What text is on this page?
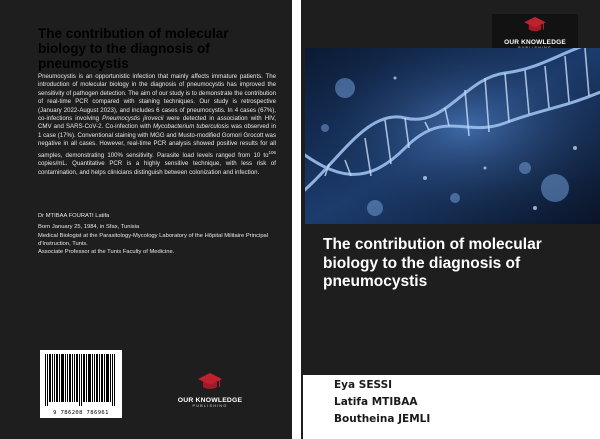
The contribution of molecular biology to the diagnosis of pneumocystis
Pneumocystis is an opportunistic infection that mainly affects immature patients. The introduction of molecular biology in the diagnosis of pneumocystis has improved the sensitivity of pathogen detection. The aim of our study is to demonstrate the contribution of real-time PCR compared with staining techniques. Our study is retrospective (January 2022-August 2023), and includes 6 cases of pneumocystis. In 4 cases (67%), co-infections involving Pneumocystis jirovecii were detected in association with HIV, CMV and SARS-CoV-2. Co-infection with Mycobacterium tuberculosis was observed in 1 case (17%). Conventional staining with MGG and Musto-modified Gomori Grocott was negative in all cases. However, real-time PCR analysis showed positive results for all samples, demonstrating 100% sensitivity. Parasite load levels ranged from 10 $to^{106}$ copies/mL. Quantitative PCR is a highly sensitive technique, with less risk of contamination, and helps clinicians distinguish between colonization and infection.
Dr MTIBAA FOURATI Latifa
Born January 25, 1984, in Sfax, Tunisia
Medical Biologist at the Parasitology-Mycology Laboratory of the Hôpital Militaire Principal d'Instruction, Tunis.
Associate Professor at the Tunis Faculty of Medicine.
9 786208 786961
OUR KNOWLEDGE
PUBLISHING
OUR KNOWLEDGE
The contribution of molecular biology to the diagnosis of pneumocystis
Eya SESSI
Latifa MTIBAA
Boutheina JEMLI
